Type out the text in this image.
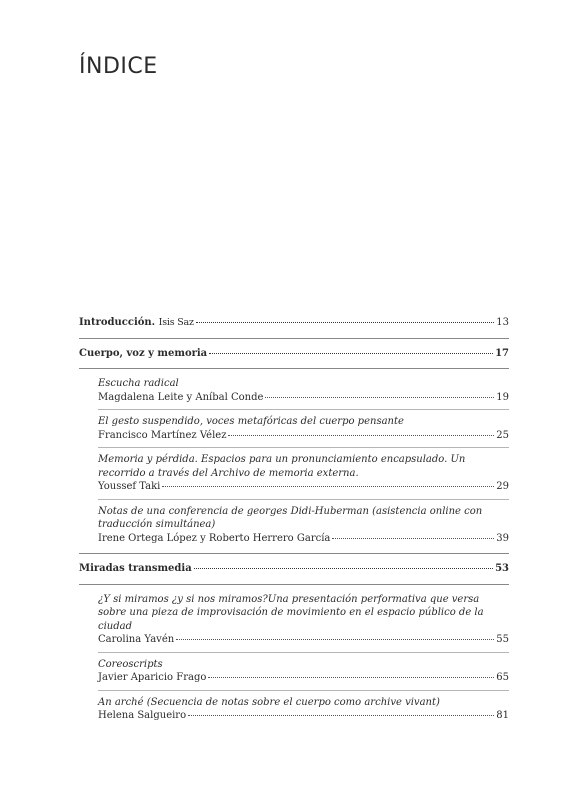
ÍNDICE
Introducción. Isis Saz	13
Cuerpo, voz y memoria	17
Escucha radical
Magdalena Leite y Aníbal Conde	19
El gesto suspendido, voces metafóricas del cuerpo pensante
Francisco Martínez Vélez	25
Memoria y pérdida. Espacios para un pronunciamiento encapsulado. Un recorrido a través del Archivo de memoria externa.
Youssef Taki	29
Notas de una conferencia de georges Didi-Huberman (asistencia online con traducción simultánea)
Irene Ortega López y Roberto Herrero García	39
Miradas transmedia	53
¿Y si miramos ¿y si nos miramos?Una presentación performativa que versa sobre una pieza de improvisación de movimiento en el espacio público de la ciudad
Carolina Yavén	55
Coreoscripts
Javier Aparicio Frago	65
An arché (Secuencia de notas sobre el cuerpo como archive vivant)
Helena Salgueiro	81
